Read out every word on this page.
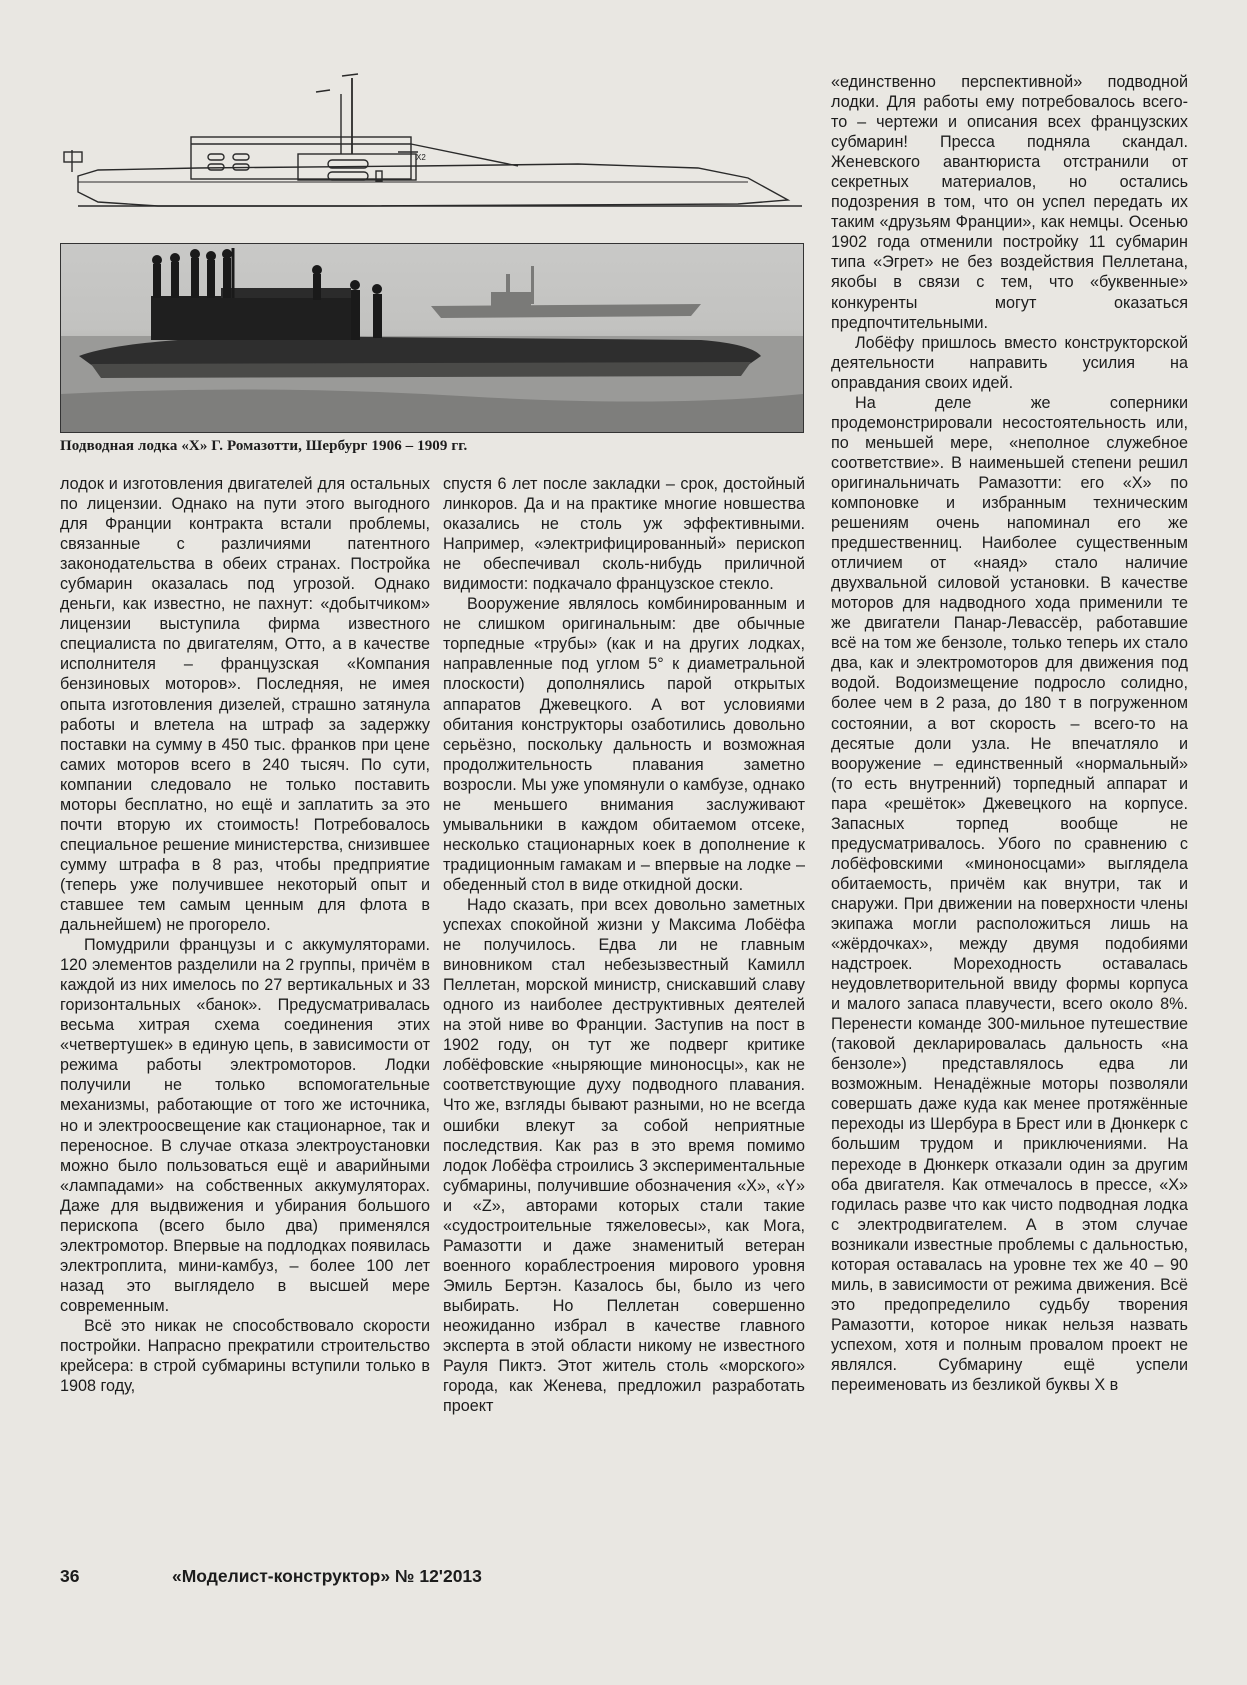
X2
Подводная лодка «Х» Г. Ромазотти, Шербург 1906 – 1909 гг.

лодок и изготовления двигателей для остальных по лицензии. Однако на пути этого выгодного для Франции контракта встали проблемы, связанные с различиями патентного законодательства в обеих странах. Постройка субмарин оказалась под угрозой. Однако деньги, как известно, не пахнут: «добытчиком» лицензии выступила фирма известного специалиста по двигателям, Отто, а в качестве исполнителя – французская «Компания бензиновых моторов». Последняя, не имея опыта изготовления дизелей, страшно затянула работы и влетела на штраф за задержку поставки на сумму в 450 тыс. франков при цене самих моторов всего в 240 тысяч. По сути, компании следовало не только поставить моторы бесплатно, но ещё и заплатить за это почти вторую их стоимость! Потребовалось специальное решение министерства, снизившее сумму штрафа в 8 раз, чтобы предприятие (теперь уже получившее некоторый опыт и ставшее тем самым ценным для флота в дальнейшем) не прогорело.

Помудрили французы и с аккумуляторами. 120 элементов разделили на 2 группы, причём в каждой из них имелось по 27 вертикальных и 33 горизонтальных «банок». Предусматривалась весьма хитрая схема соединения этих «четвертушек» в единую цепь, в зависимости от режима работы электромоторов. Лодки получили не только вспомогательные механизмы, работающие от того же источника, но и электроосвещение как стационарное, так и переносное. В случае отказа электроустановки можно было пользоваться ещё и аварийными «лампадами» на собственных аккумуляторах. Даже для выдвижения и убирания большого перископа (всего было два) применялся электромотор. Впервые на подлодках появилась электроплита, мини-камбуз, – более 100 лет назад это выглядело в высшей мере современным.

Всё это никак не способствовало скорости постройки. Напрасно прекратили строительство крейсера: в строй субмарины вступили только в 1908 году,

спустя 6 лет после закладки – срок, достойный линкоров. Да и на практике многие новшества оказались не столь уж эффективными. Например, «электрифицированный» перископ не обеспечивал сколь-нибудь приличной видимости: подкачало французское стекло.

Вооружение являлось комбинированным и не слишком оригинальным: две обычные торпедные «трубы» (как и на других лодках, направленные под углом 5° к диаметральной плоскости) дополнялись парой открытых аппаратов Джевецкого. А вот условиями обитания конструкторы озаботились довольно серьёзно, поскольку дальность и возможная продолжительность плавания заметно возросли. Мы уже упомянули о камбузе, однако не меньшего внимания заслуживают умывальники в каждом обитаемом отсеке, несколько стационарных коек в дополнение к традиционным гамакам и – впервые на лодке – обеденный стол в виде откидной доски.

Надо сказать, при всех довольно заметных успехах спокойной жизни у Максима Лобёфа не получилось. Едва ли не главным виновником стал небезызвестный Камилл Пеллетан, морской министр, снискавший славу одного из наиболее деструктивных деятелей на этой ниве во Франции. Заступив на пост в 1902 году, он тут же подверг критике лобёфовские «ныряющие миноносцы», как не соответствующие духу подводного плавания. Что же, взгляды бывают разными, но не всегда ошибки влекут за собой неприятные последствия. Как раз в это время помимо лодок Лобёфа строились 3 экспериментальные субмарины, получившие обозначения «X», «Y» и «Z», авторами которых стали такие «судостроительные тяжеловесы», как Мога, Рамазотти и даже знаменитый ветеран военного кораблестроения мирового уровня Эмиль Бертэн. Казалось бы, было из чего выбирать. Но Пеллетан совершенно неожиданно избрал в качестве главного эксперта в этой области никому не известного Рауля Пиктэ. Этот житель столь «морского» города, как Женева, предложил разработать проект

«единственно перспективной» подводной лодки. Для работы ему потребовалось всего-то – чертежи и описания всех французских субмарин! Пресса подняла скандал. Женевского авантюриста отстранили от секретных материалов, но остались подозрения в том, что он успел передать их таким «друзьям Франции», как немцы. Осенью 1902 года отменили постройку 11 субмарин типа «Эгрет» не без воздействия Пеллетана, якобы в связи с тем, что «буквенные» конкуренты могут оказаться предпочтительными.

Лобёфу пришлось вместо конструкторской деятельности направить усилия на оправдания своих идей.

На деле же соперники продемонстрировали несостоятельность или, по меньшей мере, «неполное служебное соответствие». В наименьшей степени решил оригинальничать Рамазотти: его «X» по компоновке и избранным техническим решениям очень напоминал его же предшественниц. Наиболее существенным отличием от «наяд» стало наличие двухвальной силовой установки. В качестве моторов для надводного хода применили те же двигатели Панар-Левассёр, работавшие всё на том же бензоле, только теперь их стало два, как и электромоторов для движения под водой. Водоизмещение подросло солидно, более чем в 2 раза, до 180 т в погруженном состоянии, а вот скорость – всего-то на десятые доли узла. Не впечатляло и вооружение – единственный «нормальный» (то есть внутренний) торпедный аппарат и пара «решёток» Джевецкого на корпусе. Запасных торпед вообще не предусматривалось. Убого по сравнению с лобёфовскими «миноносцами» выглядела обитаемость, причём как внутри, так и снаружи. При движении на поверхности члены экипажа могли расположиться лишь на «жёрдочках», между двумя подобиями надстроек. Мореходность оставалась неудовлетворительной ввиду формы корпуса и малого запаса плавучести, всего около 8%. Перенести команде 300-мильное путешествие (таковой декларировалась дальность «на бензоле») представлялось едва ли возможным. Ненадёжные моторы позволяли совершать даже куда как менее протяжённые переходы из Шербура в Брест или в Дюнкерк с большим трудом и приключениями. На переходе в Дюнкерк отказали один за другим оба двигателя. Как отмечалось в прессе, «X» годилась разве что как чисто подводная лодка с электродвигателем. А в этом случае возникали известные проблемы с дальностью, которая оставалась на уровне тех же 40 – 90 миль, в зависимости от режима движения. Всё это предопределило судьбу творения Рамазотти, которое никак нельзя назвать успехом, хотя и полным провалом проект не являлся. Субмарину ещё успели переименовать из безликой буквы X в

36	«Моделист-конструктор» № 12'2013
